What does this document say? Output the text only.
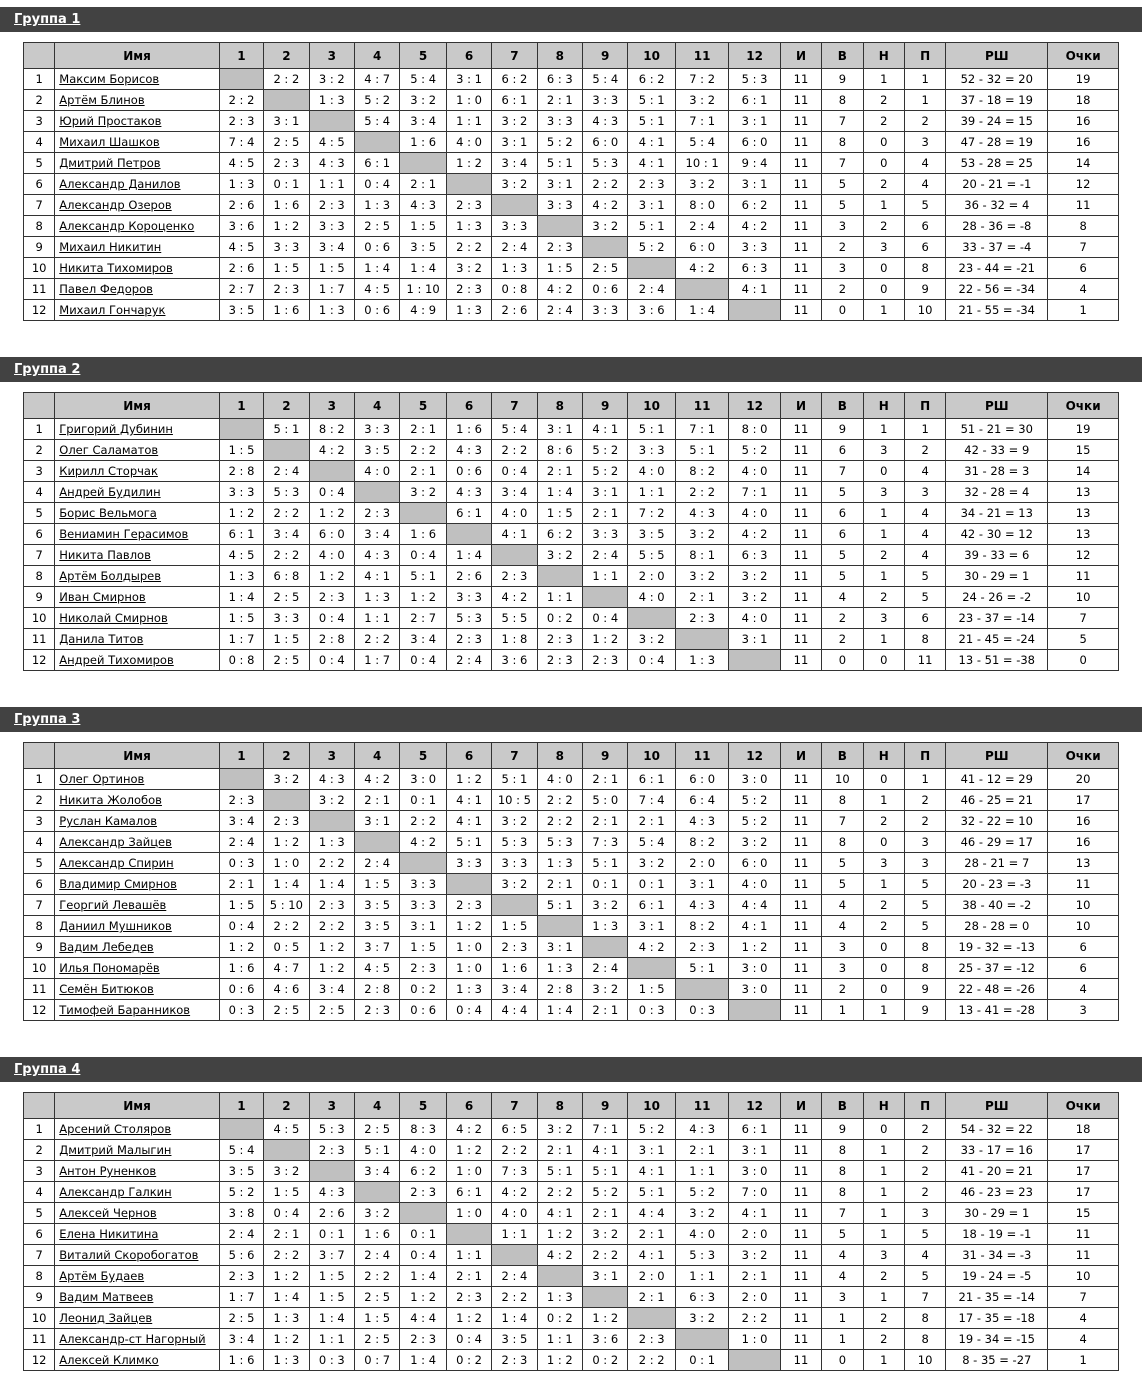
Группа 1
	Имя	1	2	3	4	5	6	7	8	9	10	11	12	И	В	Н	П	РШ	Очки
1	Максим Борисов		2 : 2	3 : 2	4 : 7	5 : 4	3 : 1	6 : 2	6 : 3	5 : 4	6 : 2	7 : 2	5 : 3	11	9	1	1	52 - 32 = 20	19
2	Артём Блинов	2 : 2		1 : 3	5 : 2	3 : 2	1 : 0	6 : 1	2 : 1	3 : 3	5 : 1	3 : 2	6 : 1	11	8	2	1	37 - 18 = 19	18
3	Юрий Простаков	2 : 3	3 : 1		5 : 4	3 : 4	1 : 1	3 : 2	3 : 3	4 : 3	5 : 1	7 : 1	3 : 1	11	7	2	2	39 - 24 = 15	16
4	Михаил Шашков	7 : 4	2 : 5	4 : 5		1 : 6	4 : 0	3 : 1	5 : 2	6 : 0	4 : 1	5 : 4	6 : 0	11	8	0	3	47 - 28 = 19	16
5	Дмитрий Петров	4 : 5	2 : 3	4 : 3	6 : 1		1 : 2	3 : 4	5 : 1	5 : 3	4 : 1	10 : 1	9 : 4	11	7	0	4	53 - 28 = 25	14
6	Александр Данилов	1 : 3	0 : 1	1 : 1	0 : 4	2 : 1		3 : 2	3 : 1	2 : 2	2 : 3	3 : 2	3 : 1	11	5	2	4	20 - 21 = -1	12
7	Александр Озеров	2 : 6	1 : 6	2 : 3	1 : 3	4 : 3	2 : 3		3 : 3	4 : 2	3 : 1	8 : 0	6 : 2	11	5	1	5	36 - 32 = 4	11
8	Александр Короценко	3 : 6	1 : 2	3 : 3	2 : 5	1 : 5	1 : 3	3 : 3		3 : 2	5 : 1	2 : 4	4 : 2	11	3	2	6	28 - 36 = -8	8
9	Михаил Никитин	4 : 5	3 : 3	3 : 4	0 : 6	3 : 5	2 : 2	2 : 4	2 : 3		5 : 2	6 : 0	3 : 3	11	2	3	6	33 - 37 = -4	7
10	Никита Тихомиров	2 : 6	1 : 5	1 : 5	1 : 4	1 : 4	3 : 2	1 : 3	1 : 5	2 : 5		4 : 2	6 : 3	11	3	0	8	23 - 44 = -21	6
11	Павел Федоров	2 : 7	2 : 3	1 : 7	4 : 5	1 : 10	2 : 3	0 : 8	4 : 2	0 : 6	2 : 4		4 : 1	11	2	0	9	22 - 56 = -34	4
12	Михаил Гончарук	3 : 5	1 : 6	1 : 3	0 : 6	4 : 9	1 : 3	2 : 6	2 : 4	3 : 3	3 : 6	1 : 4		11	0	1	10	21 - 55 = -34	1
Группа 2
	Имя	1	2	3	4	5	6	7	8	9	10	11	12	И	В	Н	П	РШ	Очки
1	Григорий Дубинин		5 : 1	8 : 2	3 : 3	2 : 1	1 : 6	5 : 4	3 : 1	4 : 1	5 : 1	7 : 1	8 : 0	11	9	1	1	51 - 21 = 30	19
2	Олег Саламатов	1 : 5		4 : 2	3 : 5	2 : 2	4 : 3	2 : 2	8 : 6	5 : 2	3 : 3	5 : 1	5 : 2	11	6	3	2	42 - 33 = 9	15
3	Кирилл Сторчак	2 : 8	2 : 4		4 : 0	2 : 1	0 : 6	0 : 4	2 : 1	5 : 2	4 : 0	8 : 2	4 : 0	11	7	0	4	31 - 28 = 3	14
4	Андрей Будилин	3 : 3	5 : 3	0 : 4		3 : 2	4 : 3	3 : 4	1 : 4	3 : 1	1 : 1	2 : 2	7 : 1	11	5	3	3	32 - 28 = 4	13
5	Борис Вельмога	1 : 2	2 : 2	1 : 2	2 : 3		6 : 1	4 : 0	1 : 5	2 : 1	7 : 2	4 : 3	4 : 0	11	6	1	4	34 - 21 = 13	13
6	Вениамин Герасимов	6 : 1	3 : 4	6 : 0	3 : 4	1 : 6		4 : 1	6 : 2	3 : 3	3 : 5	3 : 2	4 : 2	11	6	1	4	42 - 30 = 12	13
7	Никита Павлов	4 : 5	2 : 2	4 : 0	4 : 3	0 : 4	1 : 4		3 : 2	2 : 4	5 : 5	8 : 1	6 : 3	11	5	2	4	39 - 33 = 6	12
8	Артём Болдырев	1 : 3	6 : 8	1 : 2	4 : 1	5 : 1	2 : 6	2 : 3		1 : 1	2 : 0	3 : 2	3 : 2	11	5	1	5	30 - 29 = 1	11
9	Иван Смирнов	1 : 4	2 : 5	2 : 3	1 : 3	1 : 2	3 : 3	4 : 2	1 : 1		4 : 0	2 : 1	3 : 2	11	4	2	5	24 - 26 = -2	10
10	Николай Смирнов	1 : 5	3 : 3	0 : 4	1 : 1	2 : 7	5 : 3	5 : 5	0 : 2	0 : 4		2 : 3	4 : 0	11	2	3	6	23 - 37 = -14	7
11	Данила Титов	1 : 7	1 : 5	2 : 8	2 : 2	3 : 4	2 : 3	1 : 8	2 : 3	1 : 2	3 : 2		3 : 1	11	2	1	8	21 - 45 = -24	5
12	Андрей Тихомиров	0 : 8	2 : 5	0 : 4	1 : 7	0 : 4	2 : 4	3 : 6	2 : 3	2 : 3	0 : 4	1 : 3		11	0	0	11	13 - 51 = -38	0
Группа 3
	Имя	1	2	3	4	5	6	7	8	9	10	11	12	И	В	Н	П	РШ	Очки
1	Олег Ортинов		3 : 2	4 : 3	4 : 2	3 : 0	1 : 2	5 : 1	4 : 0	2 : 1	6 : 1	6 : 0	3 : 0	11	10	0	1	41 - 12 = 29	20
2	Никита Жолобов	2 : 3		3 : 2	2 : 1	0 : 1	4 : 1	10 : 5	2 : 2	5 : 0	7 : 4	6 : 4	5 : 2	11	8	1	2	46 - 25 = 21	17
3	Руслан Камалов	3 : 4	2 : 3		3 : 1	2 : 2	4 : 1	3 : 2	2 : 2	2 : 1	2 : 1	4 : 3	5 : 2	11	7	2	2	32 - 22 = 10	16
4	Александр Зайцев	2 : 4	1 : 2	1 : 3		4 : 2	5 : 1	5 : 3	5 : 3	7 : 3	5 : 4	8 : 2	3 : 2	11	8	0	3	46 - 29 = 17	16
5	Александр Спирин	0 : 3	1 : 0	2 : 2	2 : 4		3 : 3	3 : 3	1 : 3	5 : 1	3 : 2	2 : 0	6 : 0	11	5	3	3	28 - 21 = 7	13
6	Владимир Смирнов	2 : 1	1 : 4	1 : 4	1 : 5	3 : 3		3 : 2	2 : 1	0 : 1	0 : 1	3 : 1	4 : 0	11	5	1	5	20 - 23 = -3	11
7	Георгий Левашёв	1 : 5	5 : 10	2 : 3	3 : 5	3 : 3	2 : 3		5 : 1	3 : 2	6 : 1	4 : 3	4 : 4	11	4	2	5	38 - 40 = -2	10
8	Даниил Мушников	0 : 4	2 : 2	2 : 2	3 : 5	3 : 1	1 : 2	1 : 5		1 : 3	3 : 1	8 : 2	4 : 1	11	4	2	5	28 - 28 = 0	10
9	Вадим Лебедев	1 : 2	0 : 5	1 : 2	3 : 7	1 : 5	1 : 0	2 : 3	3 : 1		4 : 2	2 : 3	1 : 2	11	3	0	8	19 - 32 = -13	6
10	Илья Пономарёв	1 : 6	4 : 7	1 : 2	4 : 5	2 : 3	1 : 0	1 : 6	1 : 3	2 : 4		5 : 1	3 : 0	11	3	0	8	25 - 37 = -12	6
11	Семён Битюков	0 : 6	4 : 6	3 : 4	2 : 8	0 : 2	1 : 3	3 : 4	2 : 8	3 : 2	1 : 5		3 : 0	11	2	0	9	22 - 48 = -26	4
12	Тимофей Баранников	0 : 3	2 : 5	2 : 5	2 : 3	0 : 6	0 : 4	4 : 4	1 : 4	2 : 1	0 : 3	0 : 3		11	1	1	9	13 - 41 = -28	3
Группа 4
	Имя	1	2	3	4	5	6	7	8	9	10	11	12	И	В	Н	П	РШ	Очки
1	Арсений Столяров		4 : 5	5 : 3	2 : 5	8 : 3	4 : 2	6 : 5	3 : 2	7 : 1	5 : 2	4 : 3	6 : 1	11	9	0	2	54 - 32 = 22	18
2	Дмитрий Малыгин	5 : 4		2 : 3	5 : 1	4 : 0	1 : 2	2 : 2	2 : 1	4 : 1	3 : 1	2 : 1	3 : 1	11	8	1	2	33 - 17 = 16	17
3	Антон Руненков	3 : 5	3 : 2		3 : 4	6 : 2	1 : 0	7 : 3	5 : 1	5 : 1	4 : 1	1 : 1	3 : 0	11	8	1	2	41 - 20 = 21	17
4	Александр Галкин	5 : 2	1 : 5	4 : 3		2 : 3	6 : 1	4 : 2	2 : 2	5 : 2	5 : 1	5 : 2	7 : 0	11	8	1	2	46 - 23 = 23	17
5	Алексей Чернов	3 : 8	0 : 4	2 : 6	3 : 2		1 : 0	4 : 0	4 : 1	2 : 1	4 : 4	3 : 2	4 : 1	11	7	1	3	30 - 29 = 1	15
6	Елена Никитина	2 : 4	2 : 1	0 : 1	1 : 6	0 : 1		1 : 1	1 : 2	3 : 2	2 : 1	4 : 0	2 : 0	11	5	1	5	18 - 19 = -1	11
7	Виталий Скоробогатов	5 : 6	2 : 2	3 : 7	2 : 4	0 : 4	1 : 1		4 : 2	2 : 2	4 : 1	5 : 3	3 : 2	11	4	3	4	31 - 34 = -3	11
8	Артём Будаев	2 : 3	1 : 2	1 : 5	2 : 2	1 : 4	2 : 1	2 : 4		3 : 1	2 : 0	1 : 1	2 : 1	11	4	2	5	19 - 24 = -5	10
9	Вадим Матвеев	1 : 7	1 : 4	1 : 5	2 : 5	1 : 2	2 : 3	2 : 2	1 : 3		2 : 1	6 : 3	2 : 0	11	3	1	7	21 - 35 = -14	7
10	Леонид Зайцев	2 : 5	1 : 3	1 : 4	1 : 5	4 : 4	1 : 2	1 : 4	0 : 2	1 : 2		3 : 2	2 : 2	11	1	2	8	17 - 35 = -18	4
11	Александр-ст Нагорный	3 : 4	1 : 2	1 : 1	2 : 5	2 : 3	0 : 4	3 : 5	1 : 1	3 : 6	2 : 3		1 : 0	11	1	2	8	19 - 34 = -15	4
12	Алексей Климко	1 : 6	1 : 3	0 : 3	0 : 7	1 : 4	0 : 2	2 : 3	1 : 2	0 : 2	2 : 2	0 : 1		11	0	1	10	8 - 35 = -27	1
